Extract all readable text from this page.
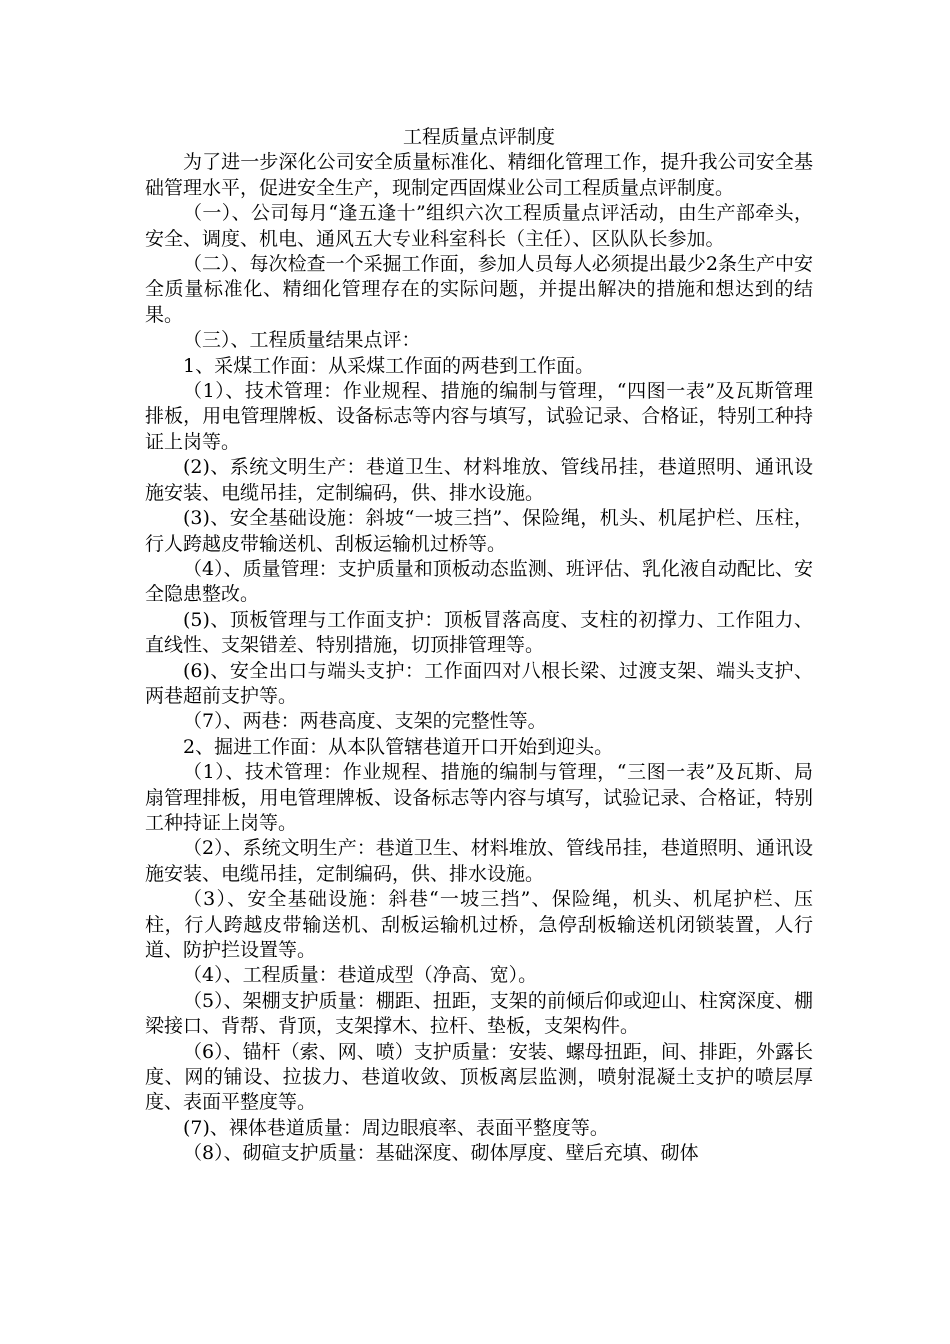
工程质量点评制度

为了进一步深化公司安全质量标准化、精细化管理工作，提升我公司安全基础管理水平，促进安全生产，现制定西固煤业公司工程质量点评制度。

（一）、公司每月“逢五逢十”组织六次工程质量点评活动，由生产部牵头，安全、调度、机电、通风五大专业科室科长（主任）、区队队长参加。

（二）、每次检查一个采掘工作面，参加人员每人必须提出最少2条生产中安全质量标准化、精细化管理存在的实际问题，并提出解决的措施和想达到的结果。

（三）、工程质量结果点评：

1、采煤工作面：从采煤工作面的两巷到工作面。

（1）、技术管理：作业规程、措施的编制与管理，“四图一表”及瓦斯管理排板，用电管理牌板、设备标志等内容与填写，试验记录、合格证，特别工种持证上岗等。

(2)、系统文明生产：巷道卫生、材料堆放、管线吊挂，巷道照明、通讯设施安装、电缆吊挂，定制编码，供、排水设施。

(3)、安全基础设施：斜坡“一坡三挡”、保险绳，机头、机尾护栏、压柱，行人跨越皮带输送机、刮板运输机过桥等。

（4）、质量管理：支护质量和顶板动态监测、班评估、乳化液自动配比、安全隐患整改。

(5)、顶板管理与工作面支护：顶板冒落高度、支柱的初撑力、工作阻力、直线性、支架错差、特别措施，切顶排管理等。

(6)、安全出口与端头支护：工作面四对八根长梁、过渡支架、端头支护、两巷超前支护等。

（7）、两巷：两巷高度、支架的完整性等。

2、掘进工作面：从本队管辖巷道开口开始到迎头。

（1）、技术管理：作业规程、措施的编制与管理，“三图一表”及瓦斯、局扇管理排板，用电管理牌板、设备标志等内容与填写，试验记录、合格证，特别工种持证上岗等。

（2）、系统文明生产：巷道卫生、材料堆放、管线吊挂，巷道照明、通讯设施安装、电缆吊挂，定制编码，供、排水设施。

（3）、安全基础设施：斜巷“一坡三挡”、保险绳，机头、机尾护栏、压柱，行人跨越皮带输送机、刮板运输机过桥，急停刮板输送机闭锁装置，人行道、防护拦设置等。

（4）、工程质量：巷道成型（净高、宽）。

（5）、架棚支护质量：棚距、扭距，支架的前倾后仰或迎山、柱窝深度、棚梁接口、背帮、背顶，支架撑木、拉杆、垫板，支架构件。

（6）、锚杆（索、网、喷）支护质量：安装、螺母扭距，间、排距，外露长度、网的铺设、拉拔力、巷道收敛、顶板离层监测，喷射混凝土支护的喷层厚度、表面平整度等。

(7)、裸体巷道质量：周边眼痕率、表面平整度等。

（8）、砌碹支护质量：基础深度、砌体厚度、壁后充填、砌体
